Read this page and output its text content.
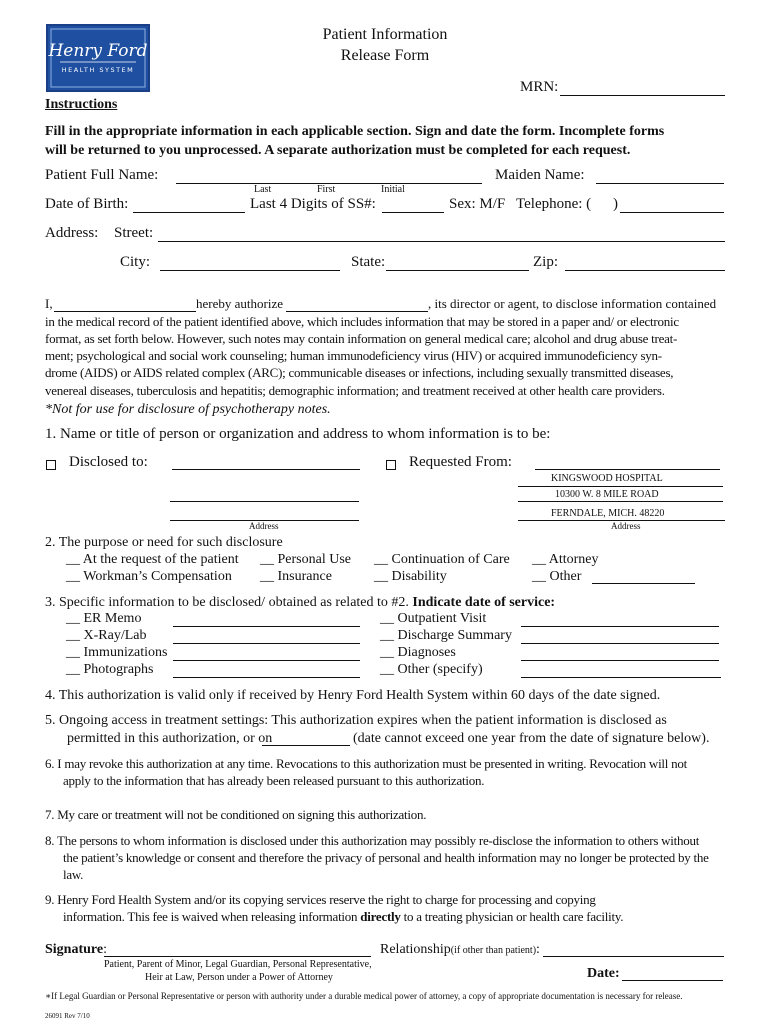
Henry Ford
HEALTH SYSTEM
Patient Information
Release Form
MRN:
Instructions
Fill in the appropriate information in each applicable section. Sign and date the form. Incomplete forms
will be returned to you unprocessed. A separate authorization must be completed for each request.
Patient Full Name:	Maiden Name:
Last	First	Initial
Date of Birth:	Last 4 Digits of SS#:	Sex: M/F Telephone: ( )
Address: Street:
City:	State:	Zip:
I,	hereby authorize	, its director or agent, to disclose information contained
in the medical record of the patient identified above, which includes information that may be stored in a paper and/ or electronic
format, as set forth below. However, such notes may contain information on general medical care; alcohol and drug abuse treat-
ment; psychological and social work counseling; human immunodeficiency virus (HIV) or acquired immunodeficiency syn-
drome (AIDS) or AIDS related complex (ARC); communicable diseases or infections, including sexually transmitted diseases,
venereal diseases, tuberculosis and hepatitis; demographic information; and treatment received at other health care providers.
*Not for use for disclosure of psychotherapy notes.
1. Name or title of person or organization and address to whom information is to be:
Disclosed to:
Address
Requested From:
KINGSWOOD HOSPITAL
10300 W. 8 MILE ROAD
FERNDALE, MICH. 48220
Address
2. The purpose or need for such disclosure
__ At the request of the patient __ Personal Use __ Continuation of Care __ Attorney
__ Workman’s Compensation __ Insurance	__ Disability	__ Other
3. Specific information to be disclosed/ obtained as related to #2. Indicate date of service:
__ ER Memo
__ X-Ray/Lab
__ Immunizations
__ Photographs
__ Outpatient Visit
__ Discharge Summary
__ Diagnoses
__ Other (specify)
4. This authorization is valid only if received by Henry Ford Health System within 60 days of the date signed.
5. Ongoing access in treatment settings: This authorization expires when the patient information is disclosed as
permitted in this authorization, or on	(date cannot exceed one year from the date of signature below).
6. I may revoke this authorization at any time. Revocations to this authorization must be presented in writing. Revocation will not
apply to the information that has already been released pursuant to this authorization.
7. My care or treatment will not be conditioned on signing this authorization.
8. The persons to whom information is disclosed under this authorization may possibly re-disclose the information to others without
the patient’s knowledge or consent and therefore the privacy of personal and health information may no longer be protected by the
law.
9. Henry Ford Health System and/or its copying services reserve the right to charge for processing and copying
information. This fee is waived when releasing information directly to a treating physician or health care facility.
Signature:	Relationship(if other than patient):
Patient, Parent of Minor, Legal Guardian, Personal Representative,
Heir at Law, Person under a Power of Attorney	Date:
∗If Legal Guardian or Personal Representative or person with authority under a durable medical power of attorney, a copy of appropriate documentation is necessary for release.
26091 Rev 7/10
